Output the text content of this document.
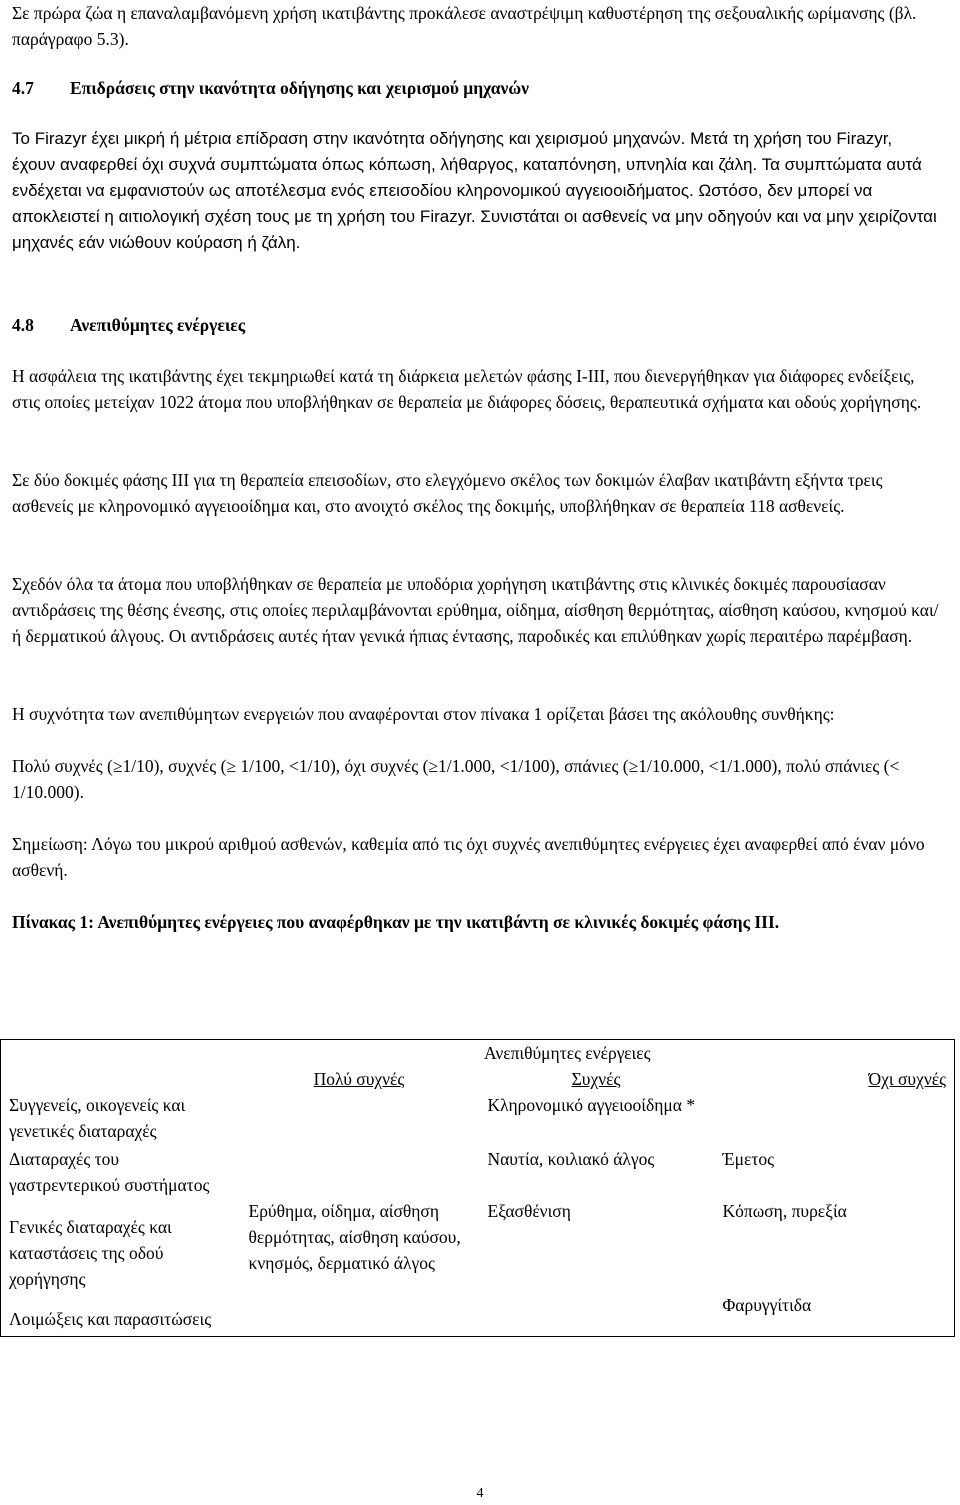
Σε πρώρα ζώα η επαναλαμβανόμενη χρήση ικατιβάντης προκάλεσε αναστρέψιμη καθυστέρηση της σεξουαλικής ωρίμανσης (βλ. παράγραφο 5.3).

4.7 Επιδράσεις στην ικανότητα οδήγησης και χειρισμού μηχανών

Το Firazyr έχει μικρή ή μέτρια επίδραση στην ικανότητα οδήγησης και χειρισμού μηχανών. Μετά τη χρήση του Firazyr, έχουν αναφερθεί όχι συχνά συμπτώματα όπως κόπωση, λήθαργος, καταπόνηση, υπνηλία και ζάλη. Τα συμπτώματα αυτά ενδέχεται να εμφανιστούν ως αποτέλεσμα ενός επεισοδίου κληρονομικού αγγειοοιδήματος. Ωστόσο, δεν μπορεί να αποκλειστεί η αιτιολογική σχέση τους με τη χρήση του Firazyr. Συνιστάται οι ασθενείς να μην οδηγούν και να μην χειρίζονται μηχανές εάν νιώθουν κούραση ή ζάλη.

4.8 Ανεπιθύμητες ενέργειες

Η ασφάλεια της ικατιβάντης έχει τεκμηριωθεί κατά τη διάρκεια μελετών φάσης I-III, που διενεργήθηκαν για διάφορες ενδείξεις, στις οποίες μετείχαν 1022 άτομα που υποβλήθηκαν σε θεραπεία με διάφορες δόσεις, θεραπευτικά σχήματα και οδούς χορήγησης.

Σε δύο δοκιμές φάσης III για τη θεραπεία επεισοδίων, στο ελεγχόμενο σκέλος των δοκιμών έλαβαν ικατιβάντη εξήντα τρεις ασθενείς με κληρονομικό αγγειοοίδημα και, στο ανοιχτό σκέλος της δοκιμής, υποβλήθηκαν σε θεραπεία 118 ασθενείς.

Σχεδόν όλα τα άτομα που υποβλήθηκαν σε θεραπεία με υποδόρια χορήγηση ικατιβάντης στις κλινικές δοκιμές παρουσίασαν αντιδράσεις της θέσης ένεσης, στις οποίες περιλαμβάνονται ερύθημα, οίδημα, αίσθηση θερμότητας, αίσθηση καύσου, κνησμού και/ή δερματικού άλγους. Οι αντιδράσεις αυτές ήταν γενικά ήπιας έντασης, παροδικές και επιλύθηκαν χωρίς περαιτέρω παρέμβαση.

Η συχνότητα των ανεπιθύμητων ενεργειών που αναφέρονται στον πίνακα 1 ορίζεται βάσει της ακόλουθης συνθήκης:

Πολύ συχνές (≥1/10), συχνές (≥ 1/100, <1/10), όχι συχνές (≥1/1.000, <1/100), σπάνιες (≥1/10.000, <1/1.000), πολύ σπάνιες (< 1/10.000).

Σημείωση: Λόγω του μικρού αριθμού ασθενών, καθεμία από τις όχι συχνές ανεπιθύμητες ενέργειες έχει αναφερθεί από έναν μόνο ασθενή.

Πίνακας 1: Ανεπιθύμητες ενέργειες που αναφέρθηκαν με την ικατιβάντη σε κλινικές δοκιμές φάσης III.

	Ανεπιθύμητες ενέργειες		
	Πολύ συχνές	Συχνές	Όχι συχνές
Συγγενείς, οικογενείς και γενετικές διαταραχές		Κληρονομικό αγγειοοίδημα *	
Διαταραχές του γαστρεντερικού συστήματος		Ναυτία, κοιλιακό άλγος	Έμετος
Γενικές διαταραχές και καταστάσεις της οδού χορήγησης	Ερύθημα, οίδημα, αίσθηση θερμότητας, αίσθηση καύσου, κνησμός, δερματικό άλγος	Εξασθένιση	Κόπωση, πυρεξία
Λοιμώξεις και παρασιτώσεις			Φαρυγγίτιδα
4
